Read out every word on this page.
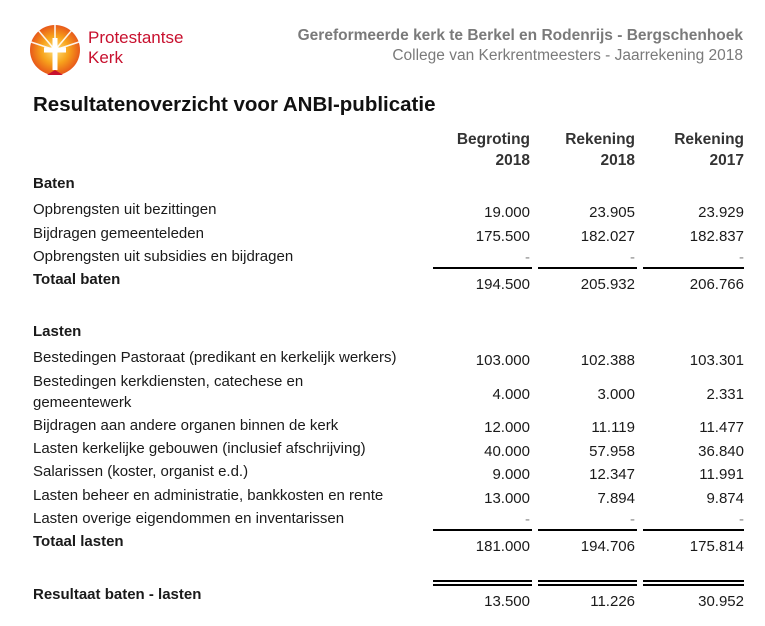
Protestantse
Kerk
Gereformeerde kerk te Berkel en Rodenrijs - Bergschenhoek
College van Kerkrentmeesters - Jaarrekening 2018
Resultatenoverzicht voor ANBI-publicatie
Begroting
2018
Rekening
2018
Rekening
2017
Baten
Opbrengsten uit bezittingen	19.000	23.905	23.929
Bijdragen gemeenteleden	175.500	182.027	182.837
Opbrengsten uit subsidies en bijdragen	-	-	-
Totaal baten	194.500	205.932	206.766
Lasten
Bestedingen Pastoraat (predikant en kerkelijk werkers)	103.000	102.388	103.301
Bestedingen kerkdiensten, catechese en
gemeentewerk	4.000	3.000	2.331
Bijdragen aan andere organen binnen de kerk	12.000	11.119	11.477
Lasten kerkelijke gebouwen (inclusief afschrijving)	40.000	57.958	36.840
Salarissen (koster, organist e.d.)	9.000	12.347	11.991
Lasten beheer en administratie, bankkosten en rente	13.000	7.894	9.874
Lasten overige eigendommen en inventarissen	-	-	-
Totaal lasten	181.000	194.706	175.814
Resultaat baten - lasten	13.500	11.226	30.952
